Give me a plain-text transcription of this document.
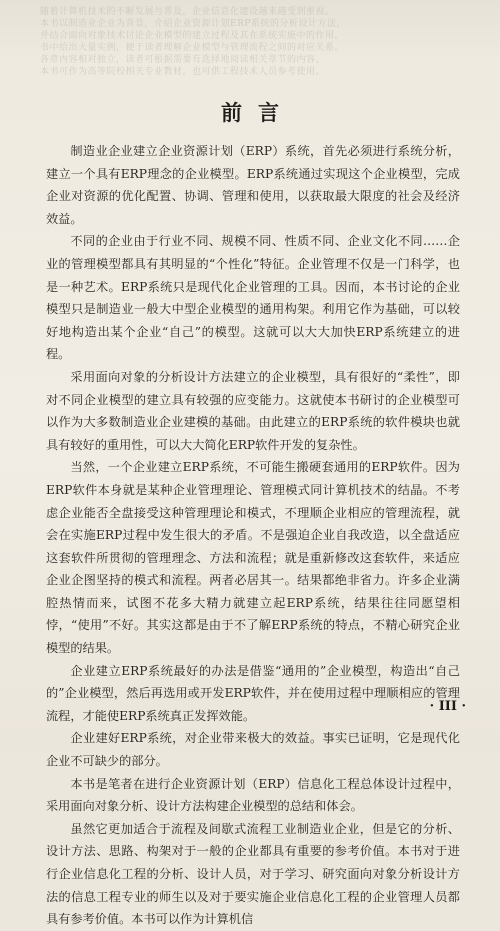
随着计算机技术的不断发展与普及，企业信息化建设越来越受到重视。
本书以制造业企业为背景，介绍企业资源计划ERP系统的分析设计方法，
并结合面向对象技术讨论企业模型的建立过程及其在系统实施中的作用。
书中给出大量实例，便于读者理解企业模型与管理流程之间的对应关系。
各章内容相对独立，读者可根据需要有选择地阅读相关章节的内容。
本书可作为高等院校相关专业教材，也可供工程技术人员参考使用。
前言

制造业企业建立企业资源计划（ERP）系统，首先必须进行系统分析，建立一个具有ERP理念的企业模型。ERP系统通过实现这个企业模型，完成企业对资源的优化配置、协调、管理和使用，以获取最大限度的社会及经济效益。

不同的企业由于行业不同、规模不同、性质不同、企业文化不同……企业的管理模型都具有其明显的“个性化”特征。企业管理不仅是一门科学，也是一种艺术。ERP系统只是现代化企业管理的工具。因而，本书讨论的企业模型只是制造业一般大中型企业模型的通用构架。利用它作为基础，可以较好地构造出某个企业“自己”的模型。这就可以大大加快ERP系统建立的进程。

采用面向对象的分析设计方法建立的企业模型，具有很好的“柔性”，即对不同企业模型的建立具有较强的应变能力。这就使本书研讨的企业模型可以作为大多数制造业企业建模的基础。由此建立的ERP系统的软件模块也就具有较好的重用性，可以大大简化ERP软件开发的复杂性。

当然，一个企业建立ERP系统，不可能生搬硬套通用的ERP软件。因为ERP软件本身就是某种企业管理理论、管理模式同计算机技术的结晶。不考虑企业能否全盘接受这种管理理论和模式，不理顺企业相应的管理流程，就会在实施ERP过程中发生很大的矛盾。不是强迫企业自我改造，以全盘适应这套软件所贯彻的管理理念、方法和流程；就是重新修改这套软件，来适应企业企图坚持的模式和流程。两者必居其一。结果都绝非省力。许多企业满腔热情而来，试图不花多大精力就建立起ERP系统，结果往往同愿望相悖，“使用”不好。其实这都是由于不了解ERP系统的特点，不精心研究企业模型的结果。

企业建立ERP系统最好的办法是借鉴“通用的”企业模型，构造出“自己的”企业模型，然后再选用或开发ERP软件，并在使用过程中理顺相应的管理流程，才能使ERP系统真正发挥效能。

企业建好ERP系统，对企业带来极大的效益。事实已证明，它是现代化企业不可缺少的部分。

本书是笔者在进行企业资源计划（ERP）信息化工程总体设计过程中，采用面向对象分析、设计方法构建企业模型的总结和体会。

虽然它更加适合于流程及间歇式流程工业制造业企业，但是它的分析、设计方法、思路、构架对于一般的企业都具有重要的参考价值。本书对于进行企业信息化工程的分析、设计人员，对于学习、研究面向对象分析设计方法的信息工程专业的师生以及对于要实施企业信息化工程的企业管理人员都具有参考价值。本书可以作为计算机信

· III ·
